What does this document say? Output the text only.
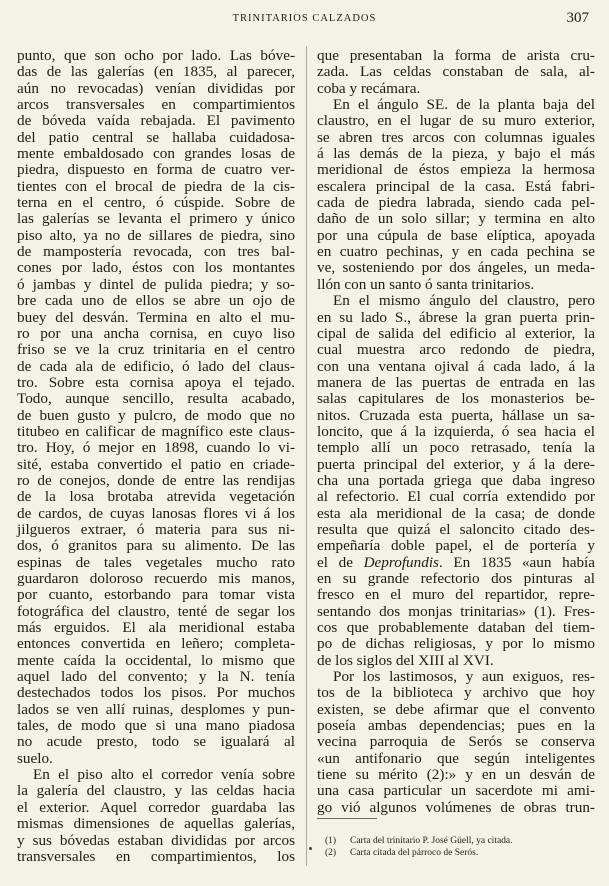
TRINITARIOS CALZADOS	307
punto, que son ocho por lado. Las bóve-
das de las galerías (en 1835, al parecer,
aún no revocadas) venían divididas por
arcos transversales en compartimientos
de bóveda vaída rebajada. El pavimento
del patio central se hallaba cuidadosa-
mente embaldosado con grandes losas de
piedra, dispuesto en forma de cuatro ver-
tientes con el brocal de piedra de la cis-
terna en el centro, ó cúspide. Sobre de
las galerías se levanta el primero y único
piso alto, ya no de sillares de piedra, sino
de mampostería revocada, con tres bal-
cones por lado, éstos con los montantes
ó jambas y dintel de pulida piedra; y so-
bre cada uno de ellos se abre un ojo de
buey del desván. Termina en alto el mu-
ro por una ancha cornisa, en cuyo liso
friso se ve la cruz trinitaria en el centro
de cada ala de edificio, ó lado del claus-
tro. Sobre esta cornisa apoya el tejado.
Todo, aunque sencillo, resulta acabado,
de buen gusto y pulcro, de modo que no
titubeo en calificar de magnífico este claus-
tro. Hoy, ó mejor en 1898, cuando lo vi-
sité, estaba convertido el patio en criade-
ro de conejos, donde de entre las rendijas
de la losa brotaba atrevida vegetación
de cardos, de cuyas lanosas flores vi á los
jilgueros extraer, ó materia para sus ni-
dos, ó granitos para su alimento. De las
espinas de tales vegetales mucho rato
guardaron doloroso recuerdo mis manos,
por cuanto, estorbando para tomar vista
fotográfica del claustro, tenté de segar los
más erguidos. El ala meridional estaba
entonces convertida en leñero; completa-
mente caída la occidental, lo mismo que
aquel lado del convento; y la N. tenía
destechados todos los pisos. Por muchos
lados se ven allí ruinas, desplomes y pun-
tales, de modo que si una mano piadosa
no acude presto, todo se igualará al
suelo.
En el piso alto el corredor venía sobre
la galería del claustro, y las celdas hacia
el exterior. Aquel corredor guardaba las
mismas dimensiones de aquellas galerías,
y sus bóvedas estaban divididas por arcos
transversales en compartimientos, los
que presentaban la forma de arista cru-
zada. Las celdas constaban de sala, al-
coba y recámara.
En el ángulo SE. de la planta baja del
claustro, en el lugar de su muro exterior,
se abren tres arcos con columnas iguales
á las demás de la pieza, y bajo el más
meridional de éstos empieza la hermosa
escalera principal de la casa. Está fabri-
cada de piedra labrada, siendo cada pel-
daño de un solo sillar; y termina en alto
por una cúpula de base elíptica, apoyada
en cuatro pechinas, y en cada pechina se
ve, sosteniendo por dos ángeles, un meda-
llón con un santo ó santa trinitarios.
En el mismo ángulo del claustro, pero
en su lado S., ábrese la gran puerta prin-
cipal de salida del edificio al exterior, la
cual muestra arco redondo de piedra,
con una ventana ojival á cada lado, á la
manera de las puertas de entrada en las
salas capitulares de los monasterios be-
nitos. Cruzada esta puerta, hállase un sa-
loncito, que á la izquierda, ó sea hacia el
templo allí un poco retrasado, tenía la
puerta principal del exterior, y á la dere-
cha una portada griega que daba ingreso
al refectorio. El cual corría extendido por
esta ala meridional de la casa; de donde
resulta que quizá el saloncito citado des-
empeñaría doble papel, el de portería y
el de Deprofundis. En 1835 «aun había
en su grande refectorio dos pinturas al
fresco en el muro del repartidor, repre-
sentando dos monjas trinitarias» (1). Fres-
cos que probablemente databan del tiem-
po de dichas religiosas, y por lo mismo
de los siglos del XIII al XVI.
Por los lastimosos, y aun exiguos, res-
tos de la biblioteca y archivo que hoy
existen, se debe afirmar que el convento
poseía ambas dependencias; pues en la
vecina parroquia de Serós se conserva
«un antifonario que según inteligentes
tiene su mérito (2):» y en un desván de
una casa particular un sacerdote mi ami-
go vió algunos volúmenes de obras trun-
(1) Carta del trinitario P. José Güell, ya citada.
(2) Carta citada del párroco de Serós.
